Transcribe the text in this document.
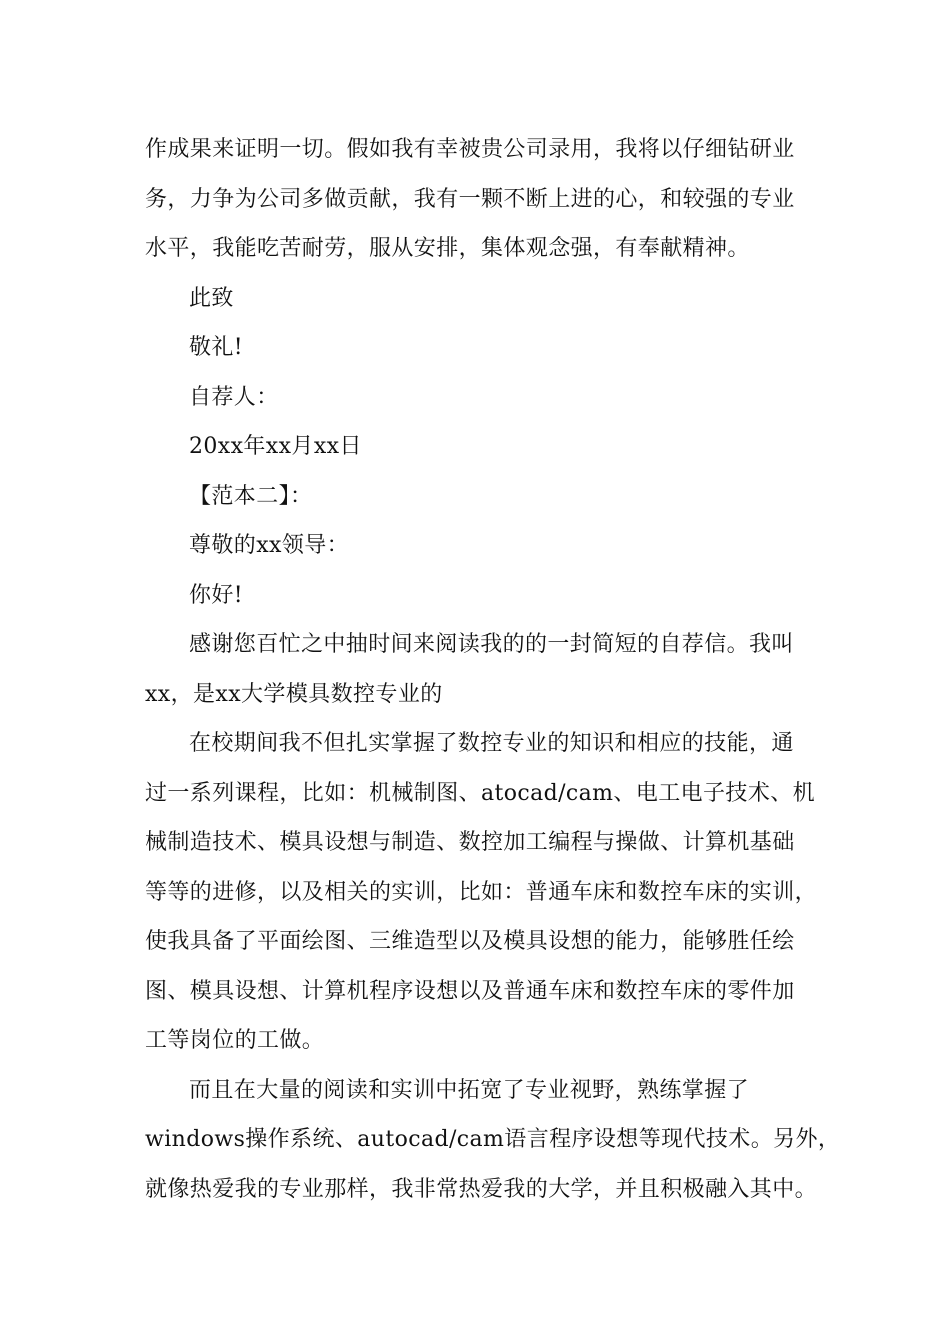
作成果来证明一切。假如我有幸被贵公司录用，我将以仔细钻研业
务，力争为公司多做贡献，我有一颗不断上进的心，和较强的专业
水平，我能吃苦耐劳，服从安排，集体观念强，有奉献精神。
此致
敬礼!
自荐人：
20xx年xx月xx日
【范本二】：
尊敬的xx领导：
你好!
感谢您百忙之中抽时间来阅读我的的一封简短的自荐信。我叫
xx，是xx大学模具数控专业的
在校期间我不但扎实掌握了数控专业的知识和相应的技能，通
过一系列课程，比如：机械制图、atocad/cam、电工电子技术、机
械制造技术、模具设想与制造、数控加工编程与操做、计算机基础
等等的进修，以及相关的实训，比如：普通车床和数控车床的实训，
使我具备了平面绘图、三维造型以及模具设想的能力，能够胜任绘
图、模具设想、计算机程序设想以及普通车床和数控车床的零件加
工等岗位的工做。
而且在大量的阅读和实训中拓宽了专业视野，熟练掌握了
windows操作系统、autocad/cam语言程序设想等现代技术。另外，
就像热爱我的专业那样，我非常热爱我的大学，并且积极融入其中。
